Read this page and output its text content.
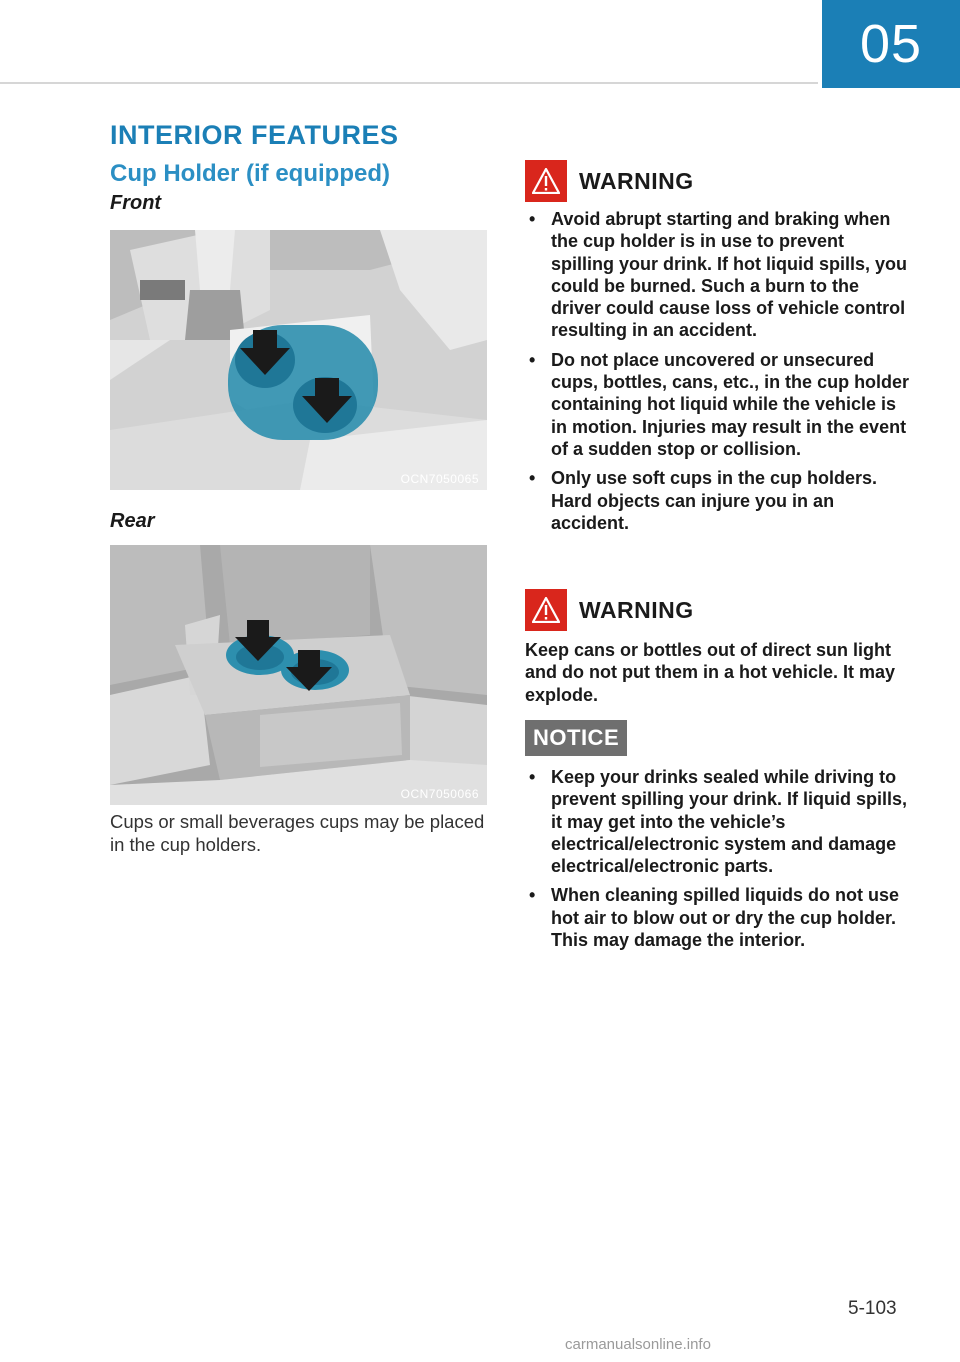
05
INTERIOR FEATURES
Cup Holder (if equipped)
Front
OCN7050065
Rear
OCN7050066
Cups or small beverages cups may be placed in the cup holders.
WARNING
• Avoid abrupt starting and braking when the cup holder is in use to prevent spilling your drink. If hot liquid spills, you could be burned. Such a burn to the driver could cause loss of vehicle control resulting in an accident.
• Do not place uncovered or unsecured cups, bottles, cans, etc., in the cup holder containing hot liquid while the vehicle is in motion. Injuries may result in the event of a sudden stop or collision.
• Only use soft cups in the cup holders. Hard objects can injure you in an accident.
WARNING
Keep cans or bottles out of direct sun light and do not put them in a hot vehicle. It may explode.
NOTICE
• Keep your drinks sealed while driving to prevent spilling your drink. If liquid spills, it may get into the vehicle’s electrical/electronic system and damage electrical/electronic parts.
• When cleaning spilled liquids do not use hot air to blow out or dry the cup holder. This may damage the interior.
5-103
carmanualsonline.info
